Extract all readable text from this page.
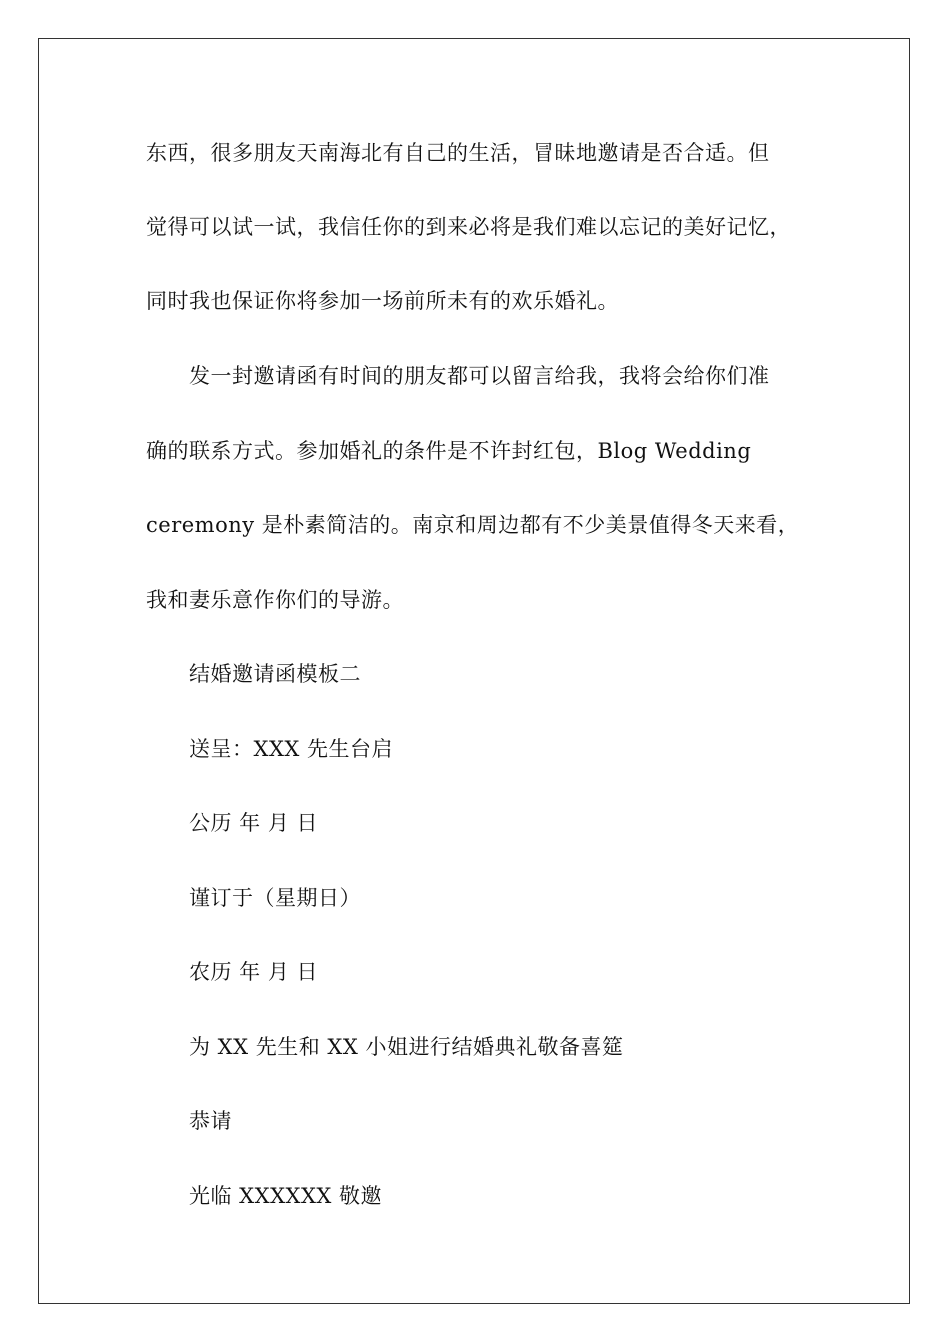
东西，很多朋友天南海北有自己的生活，冒昧地邀请是否合适。但
觉得可以试一试，我信任你的到来必将是我们难以忘记的美好记忆，
同时我也保证你将参加一场前所未有的欢乐婚礼。
发一封邀请函有时间的朋友都可以留言给我，我将会给你们准
确的联系方式。参加婚礼的条件是不许封红包，Blog Wedding
ceremony 是朴素简洁的。南京和周边都有不少美景值得冬天来看，
我和妻乐意作你们的导游。
结婚邀请函模板二
送呈：XXX 先生台启
公历 年 月 日
谨订于（星期日）
农历 年 月 日
为 XX 先生和 XX 小姐进行结婚典礼敬备喜筵
恭请
光临 XXXXXX 敬邀
